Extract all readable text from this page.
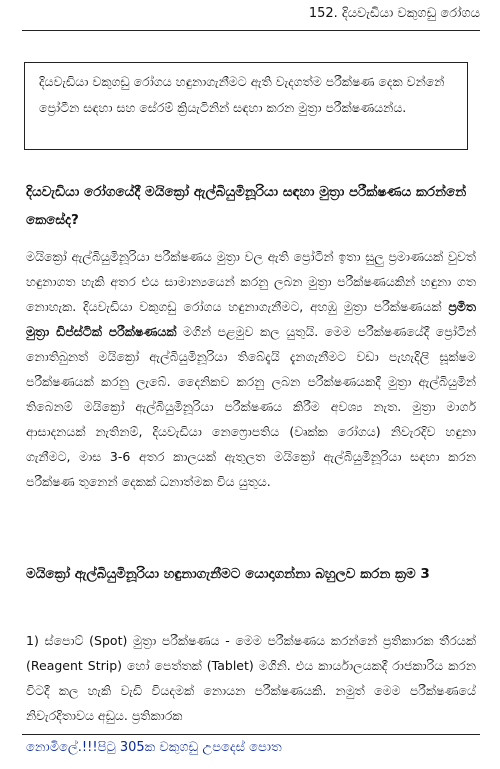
152. දියවැඩියා වකුගඩු රෝගය

දියවැඩියා වකුගඩු රෝගය හඳුනාගැනීමට ඇති වැදගත්ම පරීක්ෂණ දෙක වන්නේ ප්‍රෝටීන සඳහා සහ සේරම් ක්‍රියැටිනින් සඳහා කරන මුත්‍රා පරීක්ෂණයන්ය.

දියවැඩියා රෝගයේදී මයික්‍රෝ ඇල්බියුමිනූරියා සඳහා මුත්‍රා පරීක්ෂණය කරන්නේ කෙසේද?

මයික්‍රෝ ඇල්බියුමිනූරියා පරීක්ෂණය මුත්‍රා වල ඇති ප්‍රෝටීන් ඉතා සුලු ප්‍රමාණයක් වුවත් හඳුනාගත හැකි අතර එය සාමාන්‍යයෙන් කරනු ලබන මුත්‍රා පරීක්ෂණයකින් හඳුනා ගත නොහැක. දියවැඩියා වකුගඩු රෝගය හඳුනාගැනීමට, අහඹු මුත්‍රා පරීක්ෂණයක් ප්‍රමිත මුත්‍රා ඩිප්ස්ටික් පරීක්ෂණයක් මගින් පළමුව කල යුතුයි. මෙම පරීක්ෂණයේදී ප්‍රෝටීන් නොතිබුනත් මයික්‍රෝ ඇල්බියුමිනූරියා තිබේදැයි දැනගැනීමට වඩා පැහැදිලි සූක්ෂම පරීක්ෂණයක් කරනු ලැබේ. දෛනිකව කරනු ලබන පරීක්ෂණයකදී මුත්‍රා ඇල්බියුමින් තිබෙනම් මයික්‍රෝ ඇල්බියුමිනූරියා පරීක්ෂණය කිරීම අවශ්‍ය නැත. මුත්‍රා මාර්ග ආසාදනයක් නැතිනම්, දියවැඩියා නෙෆ්‍රොපතිය (වෘක්ක රෝගය) නිවැරදිව හඳුනා ගැනීමට, මාස 3-6 අතර කාලයක් ඇතුලත මයික්‍රෝ ඇල්බියුමිනූරියා සඳහා කරන පරීක්ෂණ තුනෙන් දෙකක් ධනාත්මක විය යුතුය.

මයික්‍රෝ ඇල්බියුමිනූරියා හඳුනාගැනීමට යොදාගන්නා බහුලව කරන ක්‍රම 3

1) ස්පොට් (Spot) මුත්‍රා පරීක්ෂණය - මෙම පරීක්ෂණය කරන්නේ ප්‍රතිකාරක තීරයක් (Reagent Strip) හෝ පෙත්තක් (Tablet) මගිනි. එය කාර්යාලයකදී රාජකාරිය කරන විටදී කල හැකි වැඩි වියදමක් නොයන පරීක්ෂණයකි. නමුත් මෙම පරීක්ෂණයේ නිවැරදිතාවය අඩුය. ප්‍රතිකාරක

නොමිලේ.!!!පිටු 305ක වකුගඩු උපදෙස් පොත
